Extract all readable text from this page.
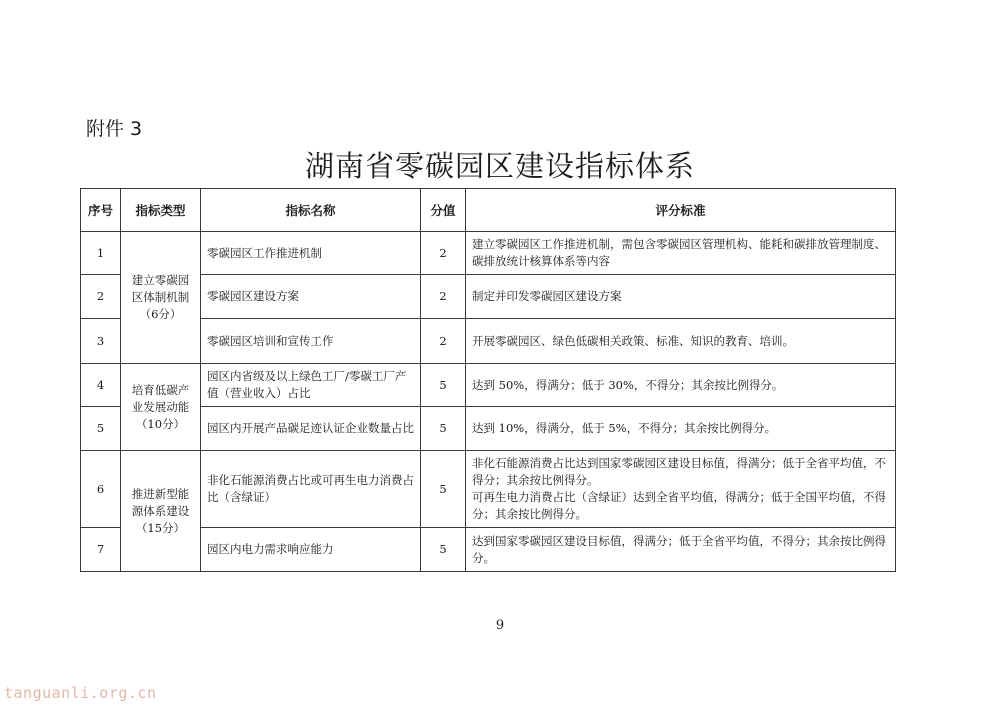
附件 3
湖南省零碳园区建设指标体系
序号	指标类型	指标名称	分值	评分标准
1	建立零碳园区体制机制（6分）	零碳园区工作推进机制	2	建立零碳园区工作推进机制，需包含零碳园区管理机构、能耗和碳排放管理制度、碳排放统计核算体系等内容
2		零碳园区建设方案	2	制定并印发零碳园区建设方案
3		零碳园区培训和宣传工作	2	开展零碳园区、绿色低碳相关政策、标准、知识的教育、培训。
4	培育低碳产业发展动能（10分）	园区内省级及以上绿色工厂/零碳工厂产值（营业收入）占比	5	达到 50%，得满分；低于 30%，不得分；其余按比例得分。
5		园区内开展产品碳足迹认证企业数量占比	5	达到 10%，得满分，低于 5%，不得分；其余按比例得分。
6	推进新型能源体系建设（15分）	非化石能源消费占比或可再生电力消费占比（含绿证）	5	非化石能源消费占比达到国家零碳园区建设目标值，得满分；低于全省平均值，不得分；其余按比例得分。
可再生电力消费占比（含绿证）达到全省平均值，得满分；低于全国平均值，不得分；其余按比例得分。

7		园区内电力需求响应能力	5	达到国家零碳园区建设目标值，得满分；低于全省平均值，不得分；其余按比例得分。
9
tanguanli.org.cn
